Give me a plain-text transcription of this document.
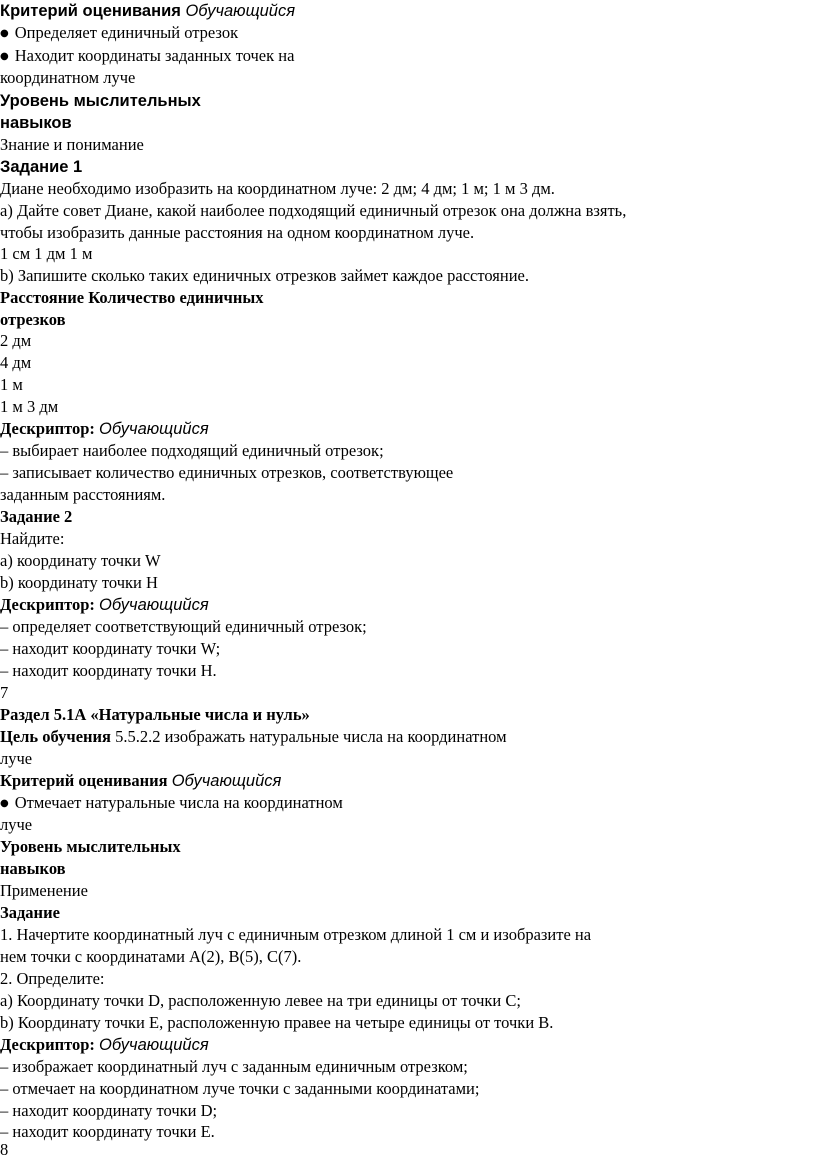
Критерий оценивания Обучающийся
● Определяет единичный отрезок
● Находит координаты заданных точек на
координатном луче
Уровень мыслительных
навыков
Знание и понимание
Задание 1
Диане необходимо изобразить на координатном луче: 2 дм; 4 дм; 1 м; 1 м 3 дм.
а) Дайте совет Диане, какой наиболее подходящий единичный отрезок она должна взять,
чтобы изобразить данные расстояния на одном координатном луче.
1 см 1 дм 1 м
b) Запишите сколько таких единичных отрезков займет каждое расстояние.
Расстояние Количество единичных
отрезков
2 дм
4 дм
1 м
1 м 3 дм
Дескриптор: Обучающийся
– выбирает наиболее подходящий единичный отрезок;
– записывает количество единичных отрезков, соответствующее
заданным расстояниям.
Задание 2
Найдите:
а) координату точки W
b) координату точки H
Дескриптор: Обучающийся
– определяет соответствующий единичный отрезок;
– находит координату точки W;
– находит координату точки H.
7
Раздел 5.1А «Натуральные числа и нуль»
Цель обучения 5.5.2.2 изображать натуральные числа на координатном
луче
Критерий оценивания Обучающийся
● Отмечает натуральные числа на координатном
луче
Уровень мыслительных
навыков
Применение
Задание
1. Начертите координатный луч с единичным отрезком длиной 1 см и изобразите на
нем точки с координатами A(2), B(5), C(7).
2. Определите:
а) Координату точки D, расположенную левее на три единицы от точки C;
b) Координату точки E, расположенную правее на четыре единицы от точки B.
Дескриптор: Обучающийся
– изображает координатный луч с заданным единичным отрезком;
– отмечает на координатном луче точки с заданными координатами;
– находит координату точки D;
– находит координату точки E.
8
